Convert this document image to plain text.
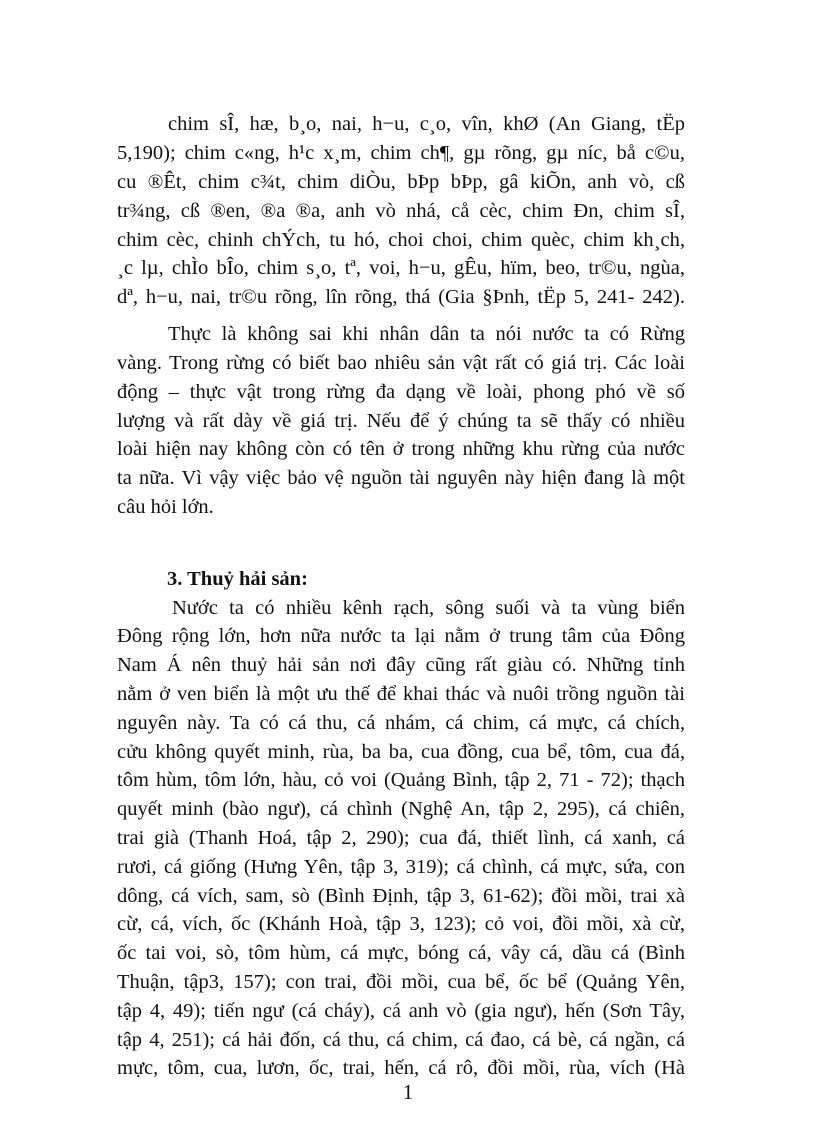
chim sÎ, hæ, b¸o, nai, h−u, c¸o, vîn, khØ (An Giang, tËp
5,190); chim c«ng, h¹c x¸m, chim ch¶, gµ rõng, gµ níc, bå c©u,
cu ®Êt, chim c¾t, chim diÒu, bÞp bÞp, gâ kiÕn, anh vò, cß
tr¾ng, cß ®en, ®a ®a, anh vò nhá, cå cèc, chim Ðn, chim sÎ,
chim cèc, chinh chÝch, tu hó, choi choi, chim quèc, chim kh¸ch,
¸c lµ, chÌo bÎo, chim s¸o, tª, voi, h−u, gÊu, hïm, beo, tr©u, ngùa,
dª, h−u, nai, tr©u rõng, lîn rõng, thá (Gia §Þnh, tËp 5, 241- 242).
Thực là không sai khi nhân dân ta nói nước ta có Rừng
vàng. Trong rừng có biết bao nhiêu sản vật rất có giá trị. Các loài
động – thực vật trong rừng đa dạng về loài, phong phó về số
lượng và rất dày về giá trị. Nếu để ý chúng ta sẽ thấy có nhiều
loài hiện nay không còn có tên ở trong những khu rừng của nước
ta nữa. Vì vậy việc bảo vệ nguồn tài nguyên này hiện đang là một
câu hỏi lớn.
3. Thuỷ hải sản:
Nước ta có nhiều kênh rạch, sông suối và ta vùng biển
Đông rộng lớn, hơn nữa nước ta lại nằm ở trung tâm của Đông
Nam Á nên thuỷ hải sản nơi đây cũng rất giàu có. Những tỉnh
nằm ở ven biển là một ưu thế để khai thác và nuôi trồng nguồn tài
nguyên này. Ta có cá thu, cá nhám, cá chim, cá mực, cá chích,
cửu không quyết minh, rùa, ba ba, cua đồng, cua bể, tôm, cua đá,
tôm hùm, tôm lớn, hàu, cỏ voi (Quảng Bình, tập 2, 71 - 72); thạch
quyết minh (bào ngư), cá chình (Nghệ An, tập 2, 295), cá chiên,
trai già (Thanh Hoá, tập 2, 290); cua đá, thiết lình, cá xanh, cá
rươi, cá giống (Hưng Yên, tập 3, 319); cá chình, cá mực, sứa, con
dông, cá vích, sam, sò (Bình Định, tập 3, 61-62); đồi mồi, trai xà
cừ, cá, vích, ốc (Khánh Hoà, tập 3, 123); cỏ voi, đồi mồi, xà cừ,
ốc tai voi, sò, tôm hùm, cá mực, bóng cá, vây cá, dầu cá (Bình
Thuận, tập3, 157); con trai, đồi mồi, cua bể, ốc bể (Quảng Yên,
tập 4, 49); tiến ngư (cá cháy), cá anh vò (gia ngư), hến (Sơn Tây,
tập 4, 251); cá hải đốn, cá thu, cá chim, cá đao, cá bè, cá ngần, cá
mực, tôm, cua, lươn, ốc, trai, hến, cá rô, đồi mồi, rùa, vích (Hà
1
